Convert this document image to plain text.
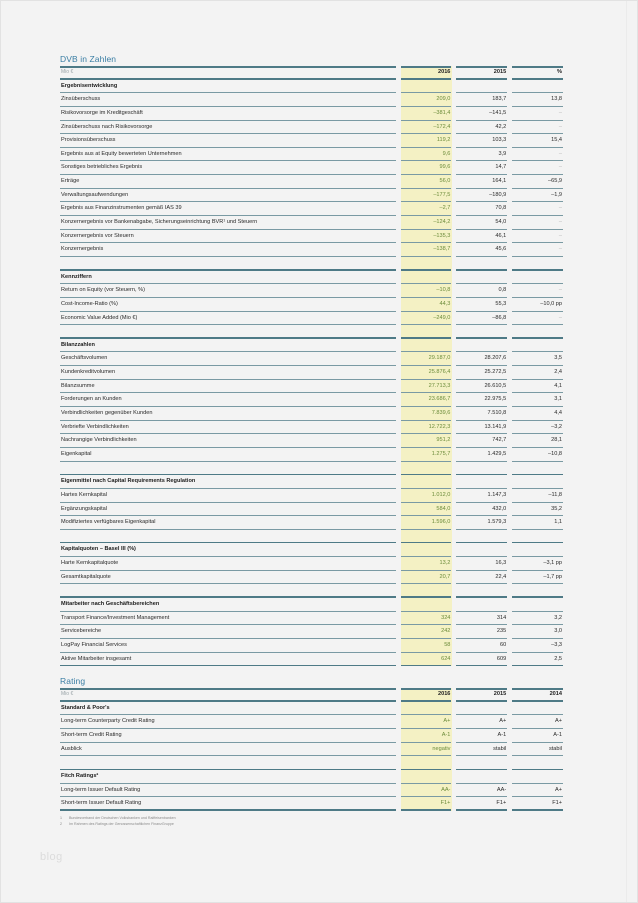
DVB in Zahlen
Mio €	2016	2015	%
Ergebnisentwicklung
Zinsüberschuss	209,0	183,7	13,8
Risikovorsorge im Kreditgeschäft	–381,4	–141,5	–
Zinsüberschuss nach Risikovorsorge	–172,4	42,2	–
Provisionsüberschuss	119,2	103,3	15,4
Ergebnis aus at Equity bewerteten Unternehmen	9,6	3,9	–
Sonstiges betriebliches Ergebnis	99,6	14,7	–
Erträge	56,0	164,1	–65,9
Verwaltungsaufwendungen	–177,5	–180,9	–1,9
Ergebnis aus Finanzinstrumenten gemäß IAS 39	–2,7	70,8	–
Konzernergebnis vor Bankenabgabe, Sicherungseinrichtung BVR¹ und Steuern	–124,2	54,0	–
Konzernergebnis vor Steuern	–135,3	46,1	–
Konzernergebnis	–138,7	45,6	–
Kennziffern
Return on Equity (vor Steuern, %)	–10,8	0,8	–
Cost-Income-Ratio (%)	44,3	55,3	–10,0 pp
Economic Value Added (Mio €)	–249,0	–86,8	–
Bilanzzahlen
Geschäftsvolumen	29.187,0	28.207,6	3,5
Kundenkreditvolumen	25.876,4	25.272,5	2,4
Bilanzsumme	27.713,3	26.610,5	4,1
Forderungen an Kunden	23.686,7	22.975,5	3,1
Verbindlichkeiten gegenüber Kunden	7.839,6	7.510,8	4,4
Verbriefte Verbindlichkeiten	12.722,3	13.141,9	–3,2
Nachrangige Verbindlichkeiten	951,2	742,7	28,1
Eigenkapital	1.275,7	1.429,5	–10,8
Eigenmittel nach Capital Requirements Regulation
Hartes Kernkapital	1.012,0	1.147,3	–11,8
Ergänzungskapital	584,0	432,0	35,2
Modifiziertes verfügbares Eigenkapital	1.596,0	1.579,3	1,1
Kapitalquoten – Basel III (%)
Harte Kernkapitalquote	13,2	16,3	–3,1 pp
Gesamtkapitalquote	20,7	22,4	–1,7 pp
Mitarbeiter nach Geschäftsbereichen
Transport Finance/Investment Management	324	314	3,2
Servicebereiche	242	235	3,0
LogPay Financial Services	58	60	–3,3
Aktive Mitarbeiter insgesamt	624	609	2,5
Rating
Mio €	2016	2015	2014
Standard & Poor's
Long-term Counterparty Credit Rating	A+	A+	A+
Short-term Credit Rating	A-1	A-1	A-1
Ausblick	negativ	stabil	stabil
Fitch Ratings²
Long-term Issuer Default Rating	AA-	AA-	A+
Short-term Issuer Default Rating	F1+	F1+	F1+
1 Bundesverband der Deutschen Volksbanken und Raiffeisenbanken
2 Im Rahmen des Ratings der Genossenschaftlichen FinanzGruppe
blog
